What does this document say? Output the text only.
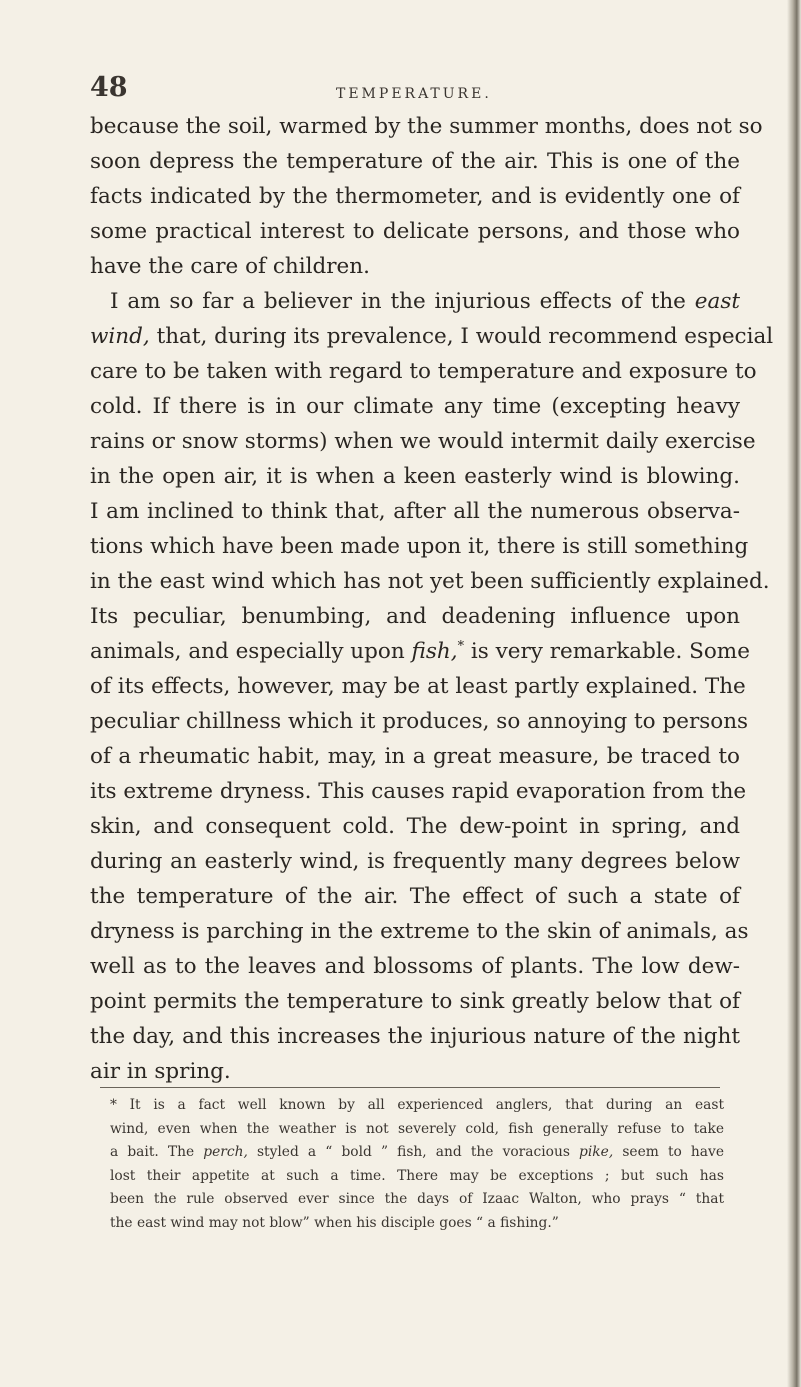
48	TEMPERATURE.
because the soil, warmed by the summer months, does not so
soon depress the temperature of the air. This is one of the
facts indicated by the thermometer, and is evidently one of
some practical interest to delicate persons, and those who
have the care of children.
I am so far a believer in the injurious effects of the east
wind, that, during its prevalence, I would recommend especial
care to be taken with regard to temperature and exposure to
cold. If there is in our climate any time (excepting heavy
rains or snow storms) when we would intermit daily exercise
in the open air, it is when a keen easterly wind is blowing.
I am inclined to think that, after all the numerous observa-
tions which have been made upon it, there is still something
in the east wind which has not yet been sufficiently explained.
Its peculiar, benumbing, and deadening influence upon
animals, and especially upon fish,* is very remarkable. Some
of its effects, however, may be at least partly explained. The
peculiar chillness which it produces, so annoying to persons
of a rheumatic habit, may, in a great measure, be traced to
its extreme dryness. This causes rapid evaporation from the
skin, and consequent cold. The dew-point in spring, and
during an easterly wind, is frequently many degrees below
the temperature of the air. The effect of such a state of
dryness is parching in the extreme to the skin of animals, as
well as to the leaves and blossoms of plants. The low dew-
point permits the temperature to sink greatly below that of
the day, and this increases the injurious nature of the night
air in spring.
* It is a fact well known by all experienced anglers, that during an east
wind, even when the weather is not severely cold, fish generally refuse to take
a bait. The perch, styled a “ bold ” fish, and the voracious pike, seem to have
lost their appetite at such a time. There may be exceptions ; but such has
been the rule observed ever since the days of Izaac Walton, who prays “ that
the east wind may not blow” when his disciple goes “ a fishing.”
